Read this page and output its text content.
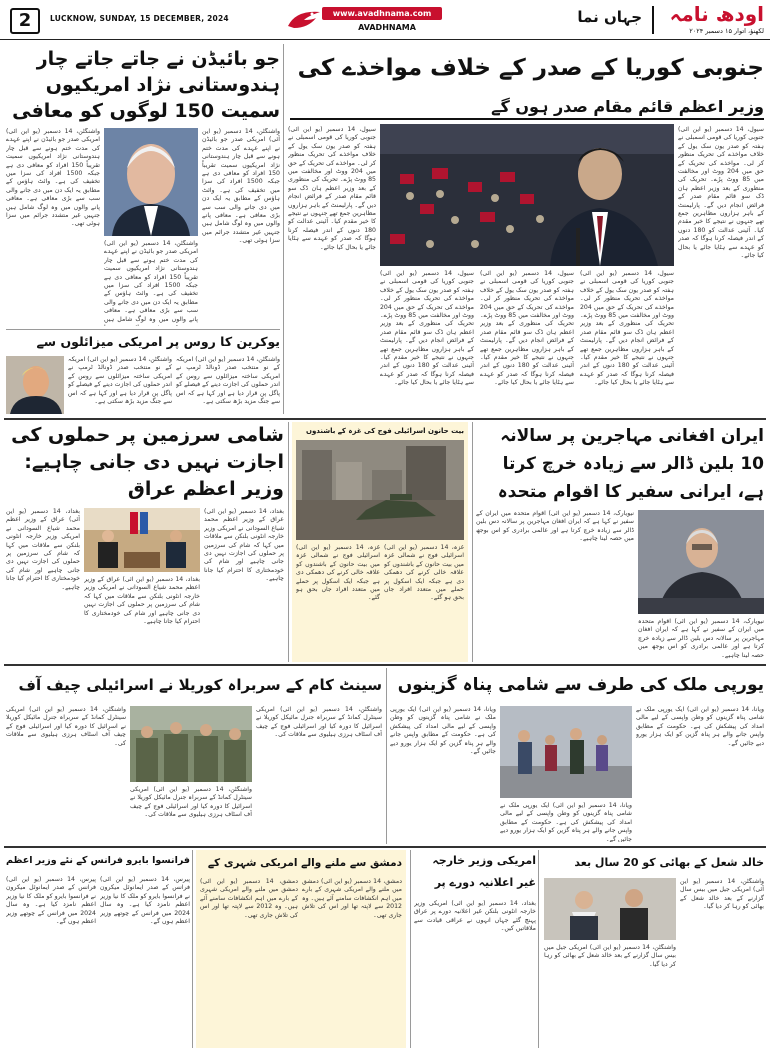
2	LUCKNOW, SUNDAY, 15 DECEMBER, 2024
www.avadhnama.com
AVADHNAMA
جہاں نما	اودھ نامہ
لکھنؤ، اتوار ۱۵ دسمبر ۲۰۲۴
جنوبی کوریا کے صدر کے خلاف مواخذے کی
وزیر اعظم قائم مقام صدر ہوں گے
سیول، 14 دسمبر (یو این آئی) جنوبی کوریا کی قومی اسمبلی نے ہفتہ کو صدر یون سک یول کے خلاف مواخذے کی تحریک منظور کر لی۔ مواخذے کی تحریک کے حق میں 204 ووٹ اور مخالفت میں 85 ووٹ پڑے۔ تحریک کی منظوری کے بعد وزیر اعظم ہان ڈک سو قائم مقام صدر کے فرائض انجام دیں گے۔ پارلیمنٹ کے باہر ہزاروں مظاہرین جمع تھے جنہوں نے نتیجے کا خیر مقدم کیا۔ آئینی عدالت کو 180 دنوں کے اندر فیصلہ کرنا ہوگا کہ صدر کو عہدے سے ہٹایا جائے یا بحال کیا جائے۔
سیول، 14 دسمبر (یو این آئی) جنوبی کوریا کی قومی اسمبلی نے ہفتہ کو صدر یون سک یول کے خلاف مواخذے کی تحریک منظور کر لی۔ مواخذے کی تحریک کے حق میں 204 ووٹ اور مخالفت میں 85 ووٹ پڑے۔ تحریک کی منظوری کے بعد وزیر اعظم ہان ڈک سو قائم مقام صدر کے فرائض انجام دیں گے۔ پارلیمنٹ کے باہر ہزاروں مظاہرین جمع تھے جنہوں نے نتیجے کا خیر مقدم کیا۔ آئینی عدالت کو 180 دنوں کے اندر فیصلہ کرنا ہوگا کہ صدر کو عہدے سے ہٹایا جائے یا بحال کیا جائے۔
سیول، 14 دسمبر (یو این آئی) جنوبی کوریا کی قومی اسمبلی نے ہفتہ کو صدر یون سک یول کے خلاف مواخذے کی تحریک منظور کر لی۔ مواخذے کی تحریک کے حق میں 204 ووٹ اور مخالفت میں 85 ووٹ پڑے۔ تحریک کی منظوری کے بعد وزیر اعظم ہان ڈک سو قائم مقام صدر کے فرائض انجام دیں گے۔ پارلیمنٹ کے باہر ہزاروں مظاہرین جمع تھے جنہوں نے نتیجے کا خیر مقدم کیا۔ آئینی عدالت کو 180 دنوں کے اندر فیصلہ کرنا ہوگا کہ صدر کو عہدے سے ہٹایا جائے یا بحال کیا جائے۔
سیول، 14 دسمبر (یو این آئی) جنوبی کوریا کی قومی اسمبلی نے ہفتہ کو صدر یون سک یول کے خلاف مواخذے کی تحریک منظور کر لی۔ مواخذے کی تحریک کے حق میں 204 ووٹ اور مخالفت میں 85 ووٹ پڑے۔ تحریک کی منظوری کے بعد وزیر اعظم ہان ڈک سو قائم مقام صدر کے فرائض انجام دیں گے۔ پارلیمنٹ کے باہر ہزاروں مظاہرین جمع تھے جنہوں نے نتیجے کا خیر مقدم کیا۔ آئینی عدالت کو 180 دنوں کے اندر فیصلہ کرنا ہوگا کہ صدر کو عہدے سے ہٹایا جائے یا بحال کیا جائے۔
سیول، 14 دسمبر (یو این آئی) جنوبی کوریا کی قومی اسمبلی نے ہفتہ کو صدر یون سک یول کے خلاف مواخذے کی تحریک منظور کر لی۔ مواخذے کی تحریک کے حق میں 204 ووٹ اور مخالفت میں 85 ووٹ پڑے۔ تحریک کی منظوری کے بعد وزیر اعظم ہان ڈک سو قائم مقام صدر کے فرائض انجام دیں گے۔ پارلیمنٹ کے باہر ہزاروں مظاہرین جمع تھے جنہوں نے نتیجے کا خیر مقدم کیا۔ آئینی عدالت کو 180 دنوں کے اندر فیصلہ کرنا ہوگا کہ صدر کو عہدے سے ہٹایا جائے یا بحال کیا جائے۔
جو بائیڈن نے جاتے جاتے چار ہندوستانی نژاد امریکیوں سمیت 150 لوگوں کو معافی
واشنگٹن، 14 دسمبر (یو این آئی) امریکی صدر جو بائیڈن نے اپنے عہدے کی مدت ختم ہونے سے قبل چار ہندوستانی نژاد امریکیوں سمیت تقریباً 150 افراد کو معافی دی ہے جبکہ 1500 افراد کی سزا میں تخفیف کی ہے۔ وائٹ ہاؤس کے مطابق یہ ایک دن میں دی جانے والی سب سے بڑی معافی ہے۔ معافی پانے والوں میں وہ لوگ شامل ہیں جنہیں غیر متشدد جرائم میں سزا ہوئی تھی۔
واشنگٹن، 14 دسمبر (یو این آئی) امریکی صدر جو بائیڈن نے اپنے عہدے کی مدت ختم ہونے سے قبل چار ہندوستانی نژاد امریکیوں سمیت تقریباً 150 افراد کو معافی دی ہے جبکہ 1500 افراد کی سزا میں تخفیف کی ہے۔ وائٹ ہاؤس کے مطابق یہ ایک دن میں دی جانے والی سب سے بڑی معافی ہے۔ معافی پانے والوں میں وہ لوگ شامل ہیں جنہیں غیر متشدد جرائم میں سزا ہوئی تھی۔
واشنگٹن، 14 دسمبر (یو این آئی) امریکی صدر جو بائیڈن نے اپنے عہدے کی مدت ختم ہونے سے قبل چار ہندوستانی نژاد امریکیوں سمیت تقریباً 150 افراد کو معافی دی ہے جبکہ 1500 افراد کی سزا میں تخفیف کی ہے۔ وائٹ ہاؤس کے مطابق یہ ایک دن میں دی جانے والی سب سے بڑی معافی ہے۔ معافی پانے والوں میں وہ لوگ شامل ہیں
یوکرین کا روس پر امریکی میزائلوں سے
واشنگٹن، 14 دسمبر (یو این آئی) امریکہ کے نو منتخب صدر ڈونالڈ ٹرمپ نے امریکی ساختہ میزائلوں سے روس کے اندر حملوں کی اجازت دینے کے فیصلے کو پاگل پن قرار دیا ہے اور کہا ہے کہ اس سے جنگ مزید بڑھ سکتی ہے۔
واشنگٹن، 14 دسمبر (یو این آئی) امریکہ کے نو منتخب صدر ڈونالڈ ٹرمپ نے امریکی ساختہ میزائلوں سے روس کے اندر حملوں کی اجازت دینے کے فیصلے کو پاگل پن قرار دیا ہے اور کہا ہے کہ اس سے جنگ مزید بڑھ سکتی ہے۔
ایران افغانی مہاجرین پر سالانہ 10 بلین ڈالر سے زیادہ خرچ کرتا ہے، ایرانی سفیر کا اقوام متحدہ
نیویارک، 14 دسمبر (یو این آئی) اقوام متحدہ میں ایران کے سفیر نے کہا ہے کہ ایران افغان مہاجرین پر سالانہ دس بلین ڈالر سے زیادہ خرچ کرتا ہے اور عالمی برادری کو اس بوجھ میں حصہ لینا چاہیے۔
نیویارک، 14 دسمبر (یو این آئی) اقوام متحدہ میں ایران کے سفیر نے کہا ہے کہ ایران افغان مہاجرین پر سالانہ دس بلین ڈالر سے زیادہ خرچ کرتا ہے اور عالمی برادری کو اس بوجھ میں حصہ لینا چاہیے۔
بیت حانون اسرائیلی فوج کی غزہ کے باشندوں
غزہ، 14 دسمبر (یو این آئی) اسرائیلی فوج نے شمالی غزہ میں بیت حانون کے باشندوں کو علاقہ خالی کرنے کی دھمکی دی ہے جبکہ ایک اسکول پر حملے میں متعدد افراد جاں بحق ہو گئے۔
غزہ، 14 دسمبر (یو این آئی) اسرائیلی فوج نے شمالی غزہ میں بیت حانون کے باشندوں کو علاقہ خالی کرنے کی دھمکی دی ہے جبکہ ایک اسکول پر حملے میں متعدد افراد جاں بحق ہو گئے۔
شامی سرزمین پر حملوں کی اجازت نہیں دی جانی چاہیے: وزیر اعظم عراق
بغداد، 14 دسمبر (یو این آئی) عراق کے وزیر اعظم محمد شیاع السودانی نے امریکی وزیر خارجہ انٹونی بلنکن سے ملاقات میں کہا کہ شام کی سرزمین پر حملوں کی اجازت نہیں دی جانی چاہیے اور شام کی خودمختاری کا احترام کیا جانا چاہیے۔
بغداد، 14 دسمبر (یو این آئی) عراق کے وزیر اعظم محمد شیاع السودانی نے امریکی وزیر خارجہ انٹونی بلنکن سے ملاقات میں کہا کہ شام کی سرزمین پر حملوں کی اجازت نہیں دی جانی چاہیے اور شام کی خودمختاری کا احترام کیا جانا چاہیے۔
بغداد، 14 دسمبر (یو این آئی) عراق کے وزیر اعظم محمد شیاع السودانی نے امریکی وزیر خارجہ انٹونی بلنکن سے ملاقات میں کہا کہ شام کی سرزمین پر حملوں کی اجازت نہیں دی جانی چاہیے اور شام کی خودمختاری کا احترام کیا جانا چاہیے۔
یورپی ملک کی طرف سے شامی پناہ گزینوں
ویانا، 14 دسمبر (یو این آئی) ایک یورپی ملک نے شامی پناہ گزینوں کو وطن واپسی کے لیے مالی امداد کی پیشکش کی ہے۔ حکومت کے مطابق واپس جانے والے ہر پناہ گزین کو ایک ہزار یورو دیے جائیں گے۔
ویانا، 14 دسمبر (یو این آئی) ایک یورپی ملک نے شامی پناہ گزینوں کو وطن واپسی کے لیے مالی امداد کی پیشکش کی ہے۔ حکومت کے مطابق واپس جانے والے ہر پناہ گزین کو ایک ہزار یورو دیے جائیں گے۔
ویانا، 14 دسمبر (یو این آئی) ایک یورپی ملک نے شامی پناہ گزینوں کو وطن واپسی کے لیے مالی امداد کی پیشکش کی ہے۔ حکومت کے مطابق واپس جانے والے ہر پناہ گزین کو ایک ہزار یورو دیے جائیں گے۔
سینٹ کام کے سربراہ کوریلا نے اسرائیلی چیف آف
واشنگٹن، 14 دسمبر (یو این آئی) امریکی سینٹرل کمانڈ کے سربراہ جنرل مائیکل کوریلا نے اسرائیل کا دورہ کیا اور اسرائیلی فوج کے چیف آف اسٹاف ہرزی ہیلیوی سے ملاقات کی۔
واشنگٹن، 14 دسمبر (یو این آئی) امریکی سینٹرل کمانڈ کے سربراہ جنرل مائیکل کوریلا نے اسرائیل کا دورہ کیا اور اسرائیلی فوج کے چیف آف اسٹاف ہرزی ہیلیوی سے ملاقات کی۔
واشنگٹن، 14 دسمبر (یو این آئی) امریکی سینٹرل کمانڈ کے سربراہ جنرل مائیکل کوریلا نے اسرائیل کا دورہ کیا اور اسرائیلی فوج کے چیف آف اسٹاف ہرزی ہیلیوی سے ملاقات کی۔
خالد شعل کے بھائی کو 20 سال بعد
واشنگٹن، 14 دسمبر (یو این آئی) امریکی جیل میں بیس سال گزارنے کے بعد خالد شعل کے بھائی کو رہا کر دیا گیا۔
واشنگٹن، 14 دسمبر (یو این آئی) امریکی جیل میں بیس سال گزارنے کے بعد خالد شعل کے بھائی کو رہا کر دیا گیا۔
امریکی وزیر خارجہ غیر اعلانیہ دورے پر
بغداد، 14 دسمبر (یو این آئی) امریکی وزیر خارجہ انٹونی بلنکن غیر اعلانیہ دورے پر عراق پہنچ گئے جہاں انہوں نے عراقی قیادت سے ملاقاتیں کیں۔
دمشق سے ملنے والے امریکی شہری کے
دمشق، 14 دسمبر (یو این آئی) دمشق میں ملنے والے امریکی شہری کے بارے میں اہم انکشافات سامنے آئے ہیں۔ وہ 2012 سے لاپتہ تھا اور اس کی تلاش جاری تھی۔
دمشق، 14 دسمبر (یو این آئی) دمشق میں ملنے والے امریکی شہری کے بارے میں اہم انکشافات سامنے آئے ہیں۔ وہ 2012 سے لاپتہ تھا اور اس کی تلاش جاری تھی۔
فرانسوا بایرو فرانس کے نئے وزیر اعظم
پیرس، 14 دسمبر (یو این آئی) فرانس کے صدر ایمانوئل میکرون نے فرانسوا بایرو کو ملک کا نیا وزیر اعظم نامزد کیا ہے۔ وہ سال 2024 میں فرانس کے چوتھے وزیر اعظم ہوں گے۔
پیرس، 14 دسمبر (یو این آئی) فرانس کے صدر ایمانوئل میکرون نے فرانسوا بایرو کو ملک کا نیا وزیر اعظم نامزد کیا ہے۔ وہ سال 2024 میں فرانس کے چوتھے وزیر اعظم ہوں گے۔
